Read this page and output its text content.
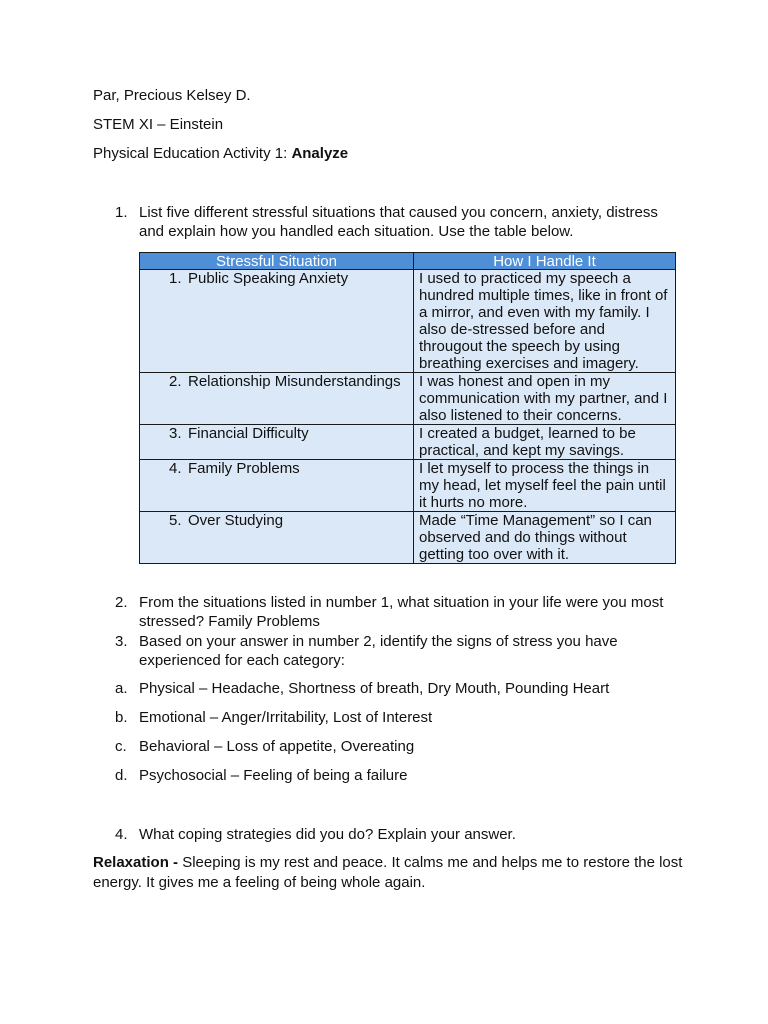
Par, Precious Kelsey D.
STEM XI – Einstein
Physical Education Activity 1: Analyze
1. List five different stressful situations that caused you concern, anxiety, distress and explain how you handled each situation. Use the table below.
Stressful Situation	How I Handle It

1. Public Speaking Anxiety	I used to practiced my speech a hundred multiple times, like in front of a mirror, and even with my family. I also de-stressed before and througout the speech by using breathing exercises and imagery.

2. Relationship Misunderstandings	I was honest and open in my communication with my partner, and I also listened to their concerns.

3. Financial Difficulty	I created a budget, learned to be practical, and kept my savings.

4. Family Problems	I let myself to process the things in my head, let myself feel the pain until it hurts no more.

5. Over Studying	Made “Time Management” so I can observed and do things without getting too over with it.
2. From the situations listed in number 1, what situation in your life were you most stressed? Family Problems
3. Based on your answer in number 2, identify the signs of stress you have experienced for each category:
a. Physical – Headache, Shortness of breath, Dry Mouth, Pounding Heart
b. Emotional – Anger/Irritability, Lost of Interest
c. Behavioral – Loss of appetite, Overeating
d. Psychosocial – Feeling of being a failure
4. What coping strategies did you do? Explain your answer.
Relaxation - Sleeping is my rest and peace. It calms me and helps me to restore the lost energy. It gives me a feeling of being whole again.
